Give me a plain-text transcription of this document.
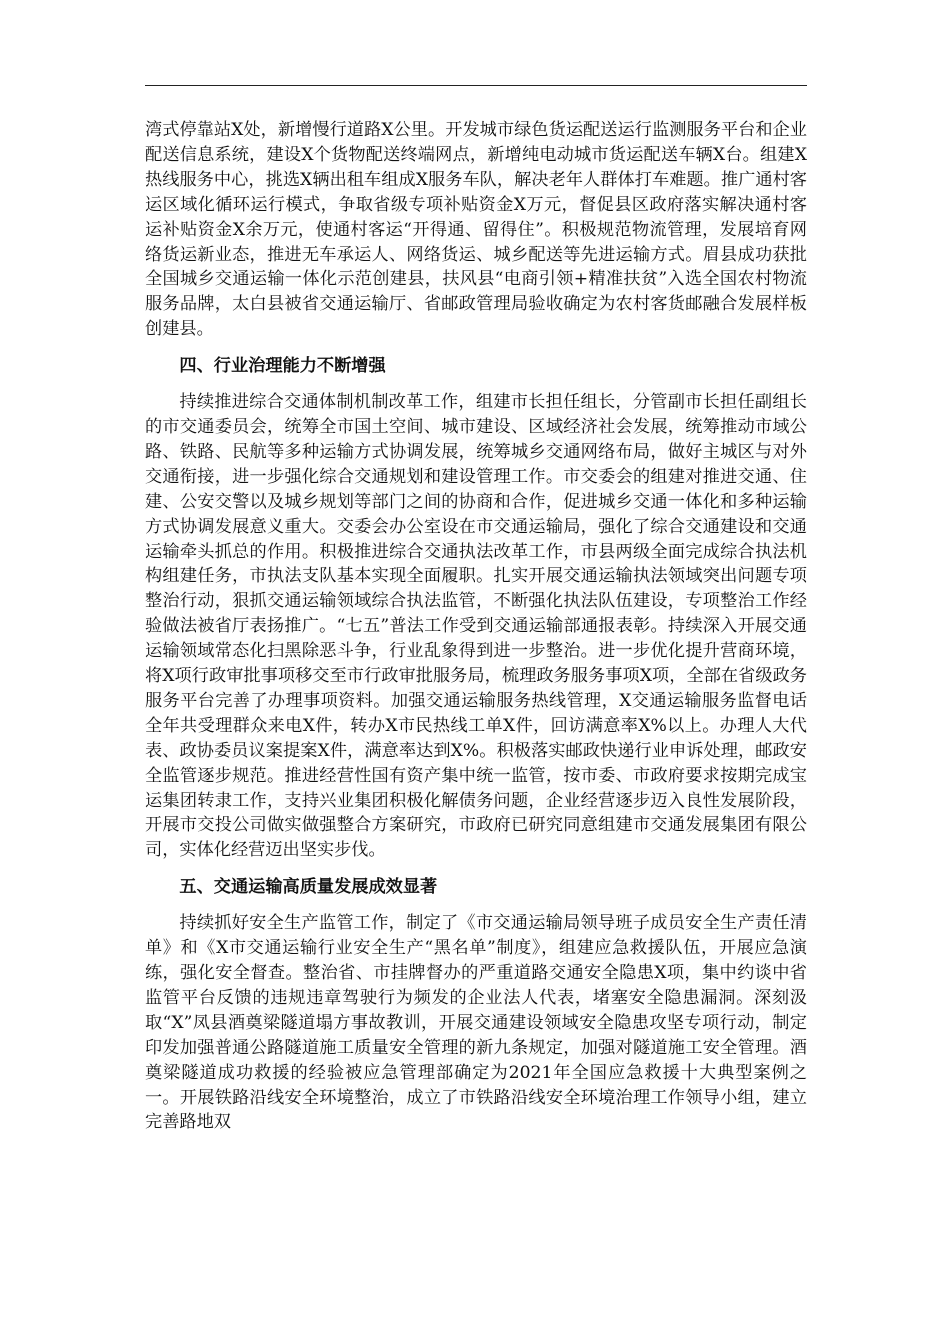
湾式停靠站X处，新增慢行道路X公里。开发城市绿色货运配送运行监测服务平台和企业配送信息系统，建设X个货物配送终端网点，新增纯电动城市货运配送车辆X台。组建X热线服务中心，挑选X辆出租车组成X服务车队，解决老年人群体打车难题。推广通村客运区域化循环运行模式，争取省级专项补贴资金X万元，督促县区政府落实解决通村客运补贴资金X余万元，使通村客运“开得通、留得住”。积极规范物流管理，发展培育网络货运新业态，推进无车承运人、网络货运、城乡配送等先进运输方式。眉县成功获批全国城乡交通运输一体化示范创建县，扶风县“电商引领+精准扶贫”入选全国农村物流服务品牌，太白县被省交通运输厅、省邮政管理局验收确定为农村客货邮融合发展样板创建县。

四、行业治理能力不断增强

持续推进综合交通体制机制改革工作，组建市长担任组长，分管副市长担任副组长的市交通委员会，统筹全市国土空间、城市建设、区域经济社会发展，统筹推动市域公路、铁路、民航等多种运输方式协调发展，统筹城乡交通网络布局，做好主城区与对外交通衔接，进一步强化综合交通规划和建设管理工作。市交委会的组建对推进交通、住建、公安交警以及城乡规划等部门之间的协商和合作，促进城乡交通一体化和多种运输方式协调发展意义重大。交委会办公室设在市交通运输局，强化了综合交通建设和交通运输牵头抓总的作用。积极推进综合交通执法改革工作，市县两级全面完成综合执法机构组建任务，市执法支队基本实现全面履职。扎实开展交通运输执法领域突出问题专项整治行动，狠抓交通运输领域综合执法监管，不断强化执法队伍建设，专项整治工作经验做法被省厅表扬推广。“七五”普法工作受到交通运输部通报表彰。持续深入开展交通运输领域常态化扫黑除恶斗争，行业乱象得到进一步整治。进一步优化提升营商环境，将X项行政审批事项移交至市行政审批服务局，梳理政务服务事项X项，全部在省级政务服务平台完善了办理事项资料。加强交通运输服务热线管理，X交通运输服务监督电话全年共受理群众来电X件，转办X市民热线工单X件，回访满意率X%以上。办理人大代表、政协委员议案提案X件，满意率达到X%。积极落实邮政快递行业申诉处理，邮政安全监管逐步规范。推进经营性国有资产集中统一监管，按市委、市政府要求按期完成宝运集团转隶工作，支持兴业集团积极化解债务问题，企业经营逐步迈入良性发展阶段，开展市交投公司做实做强整合方案研究，市政府已研究同意组建市交通发展集团有限公司，实体化经营迈出坚实步伐。

五、交通运输高质量发展成效显著

持续抓好安全生产监管工作，制定了《市交通运输局领导班子成员安全生产责任清单》和《X市交通运输行业安全生产“黑名单”制度》，组建应急救援队伍，开展应急演练，强化安全督查。整治省、市挂牌督办的严重道路交通安全隐患X项，集中约谈中省监管平台反馈的违规违章驾驶行为频发的企业法人代表，堵塞安全隐患漏洞。深刻汲取“X”凤县酒奠梁隧道塌方事故教训，开展交通建设领域安全隐患攻坚专项行动，制定印发加强普通公路隧道施工质量安全管理的新九条规定，加强对隧道施工安全管理。酒奠梁隧道成功救援的经验被应急管理部确定为2021年全国应急救援十大典型案例之一。开展铁路沿线安全环境整治，成立了市铁路沿线安全环境治理工作领导小组，建立完善路地双
